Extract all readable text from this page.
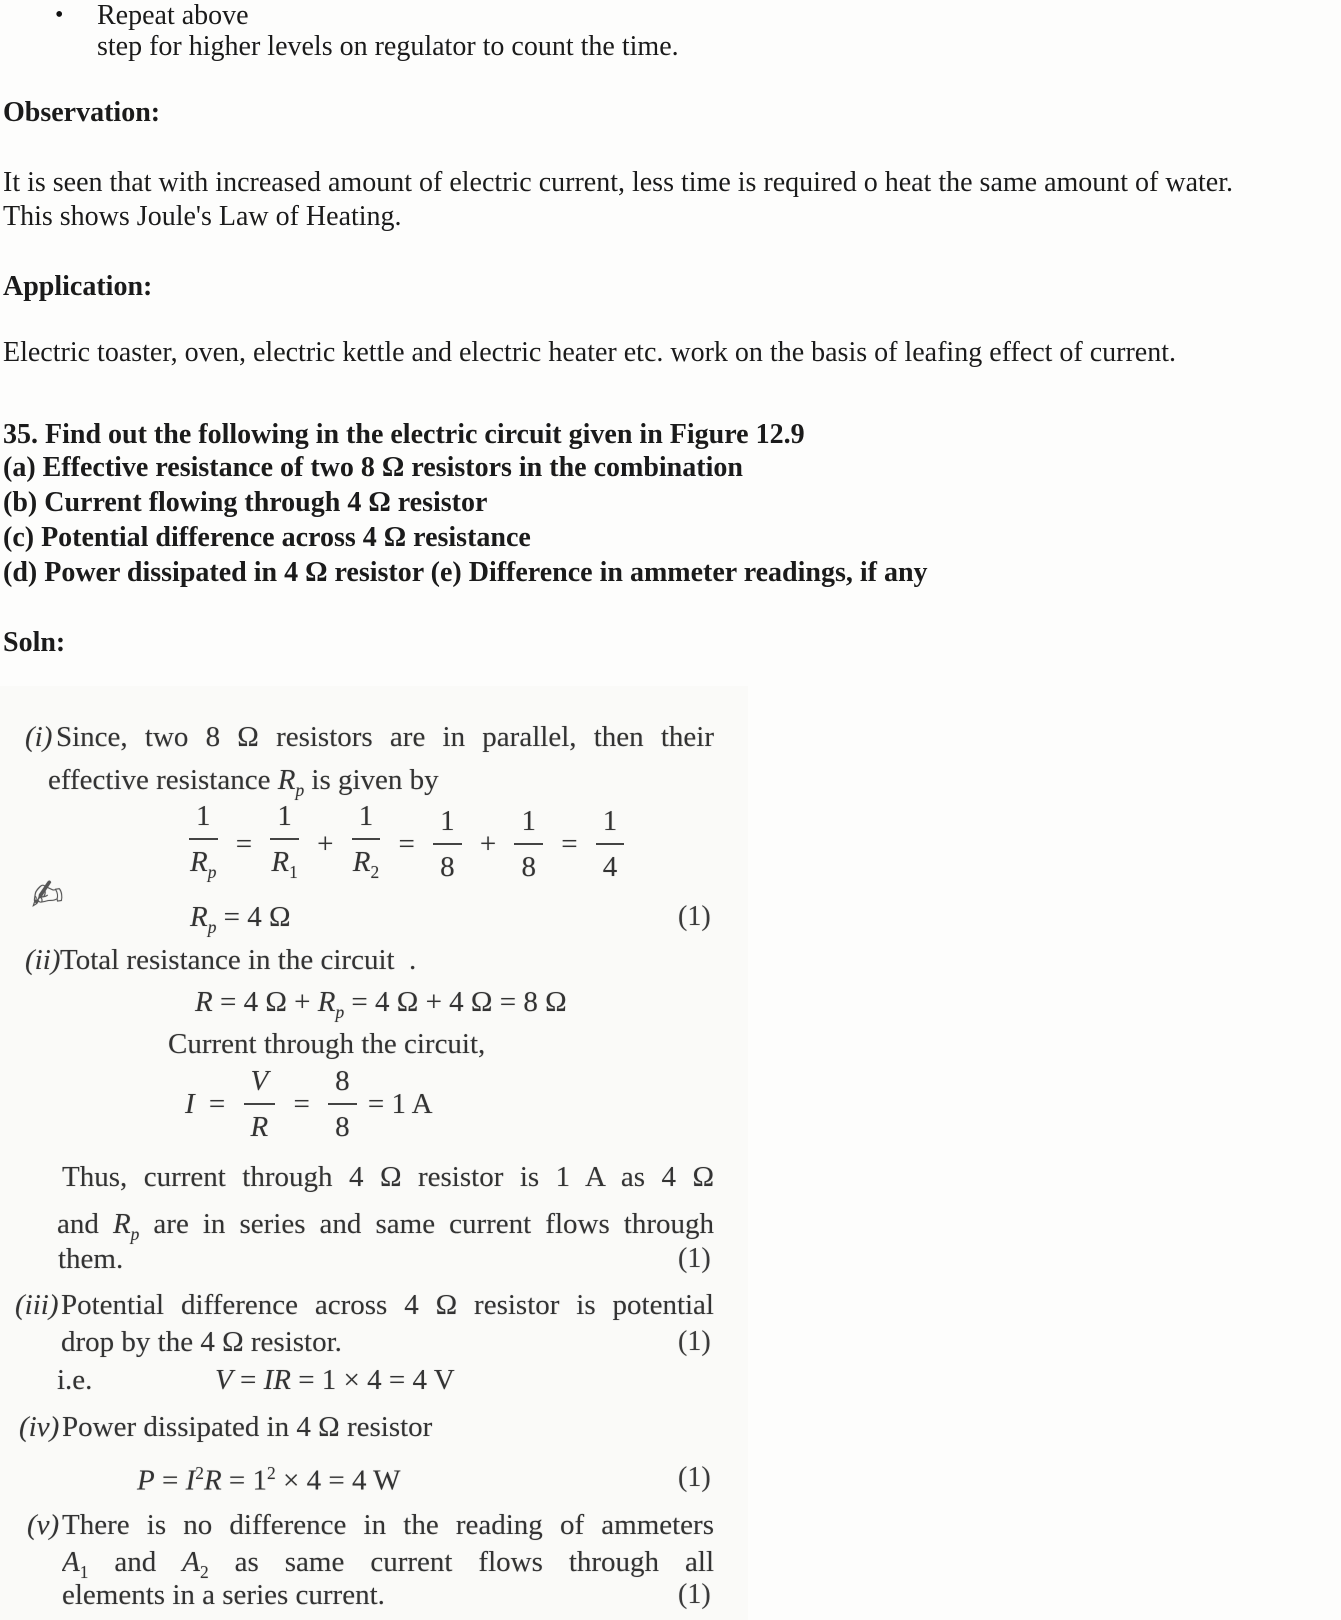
• Repeat above
step for higher levels on regulator to count the time.
Observation:
It is seen that with increased amount of electric current, less time is required o heat the same amount of water.
This shows Joule's Law of Heating.
Application:
Electric toaster, oven, electric kettle and electric heater etc. work on the basis of leafing effect of current.
35. Find out the following in the electric circuit given in Figure 12.9
(a) Effective resistance of two 8 Ω resistors in the combination
(b) Current flowing through 4 Ω resistor
(c) Potential difference across 4 Ω resistance
(d) Power dissipated in 4 Ω resistor (e) Difference in ammeter readings, if any
Soln:
(i) Since, two 8 Ω resistors are in parallel, then their
effective resistance $R_p$ is given by
$\frac{1}{R_p} = \frac{1}{R_1} + \frac{1}{R_2} = \frac{1}{8} + \frac{1}{8} = \frac{1}{4}$
✍	$R_p = 4$ Ω	(1)
(ii) Total resistance in the circuit  .
R = 4 $\Omega + R_p = 4$ Ω + 4 Ω = 8 Ω
Current through the circuit,
$I = \frac{V}{R} = \frac{8}{8} = 1$ A
Thus, current through 4 Ω resistor is 1 A as 4 Ω
and $R_p$ are in series and same current flows through
them.	(1)
(iii) Potential difference across 4 Ω resistor is potential
drop by the 4 Ω resistor.	(1)
i.e.	V = IR = 1 × 4 = 4 V
(iv) Power dissipated in 4 Ω resistor
$P = I^2R = 1^2 \times 4 = 4$ W	(1)
(v) There is no difference in the reading of ammeters
$A_1$ and $A_2$ as same current flows through all
elements in a series current.	(1)
